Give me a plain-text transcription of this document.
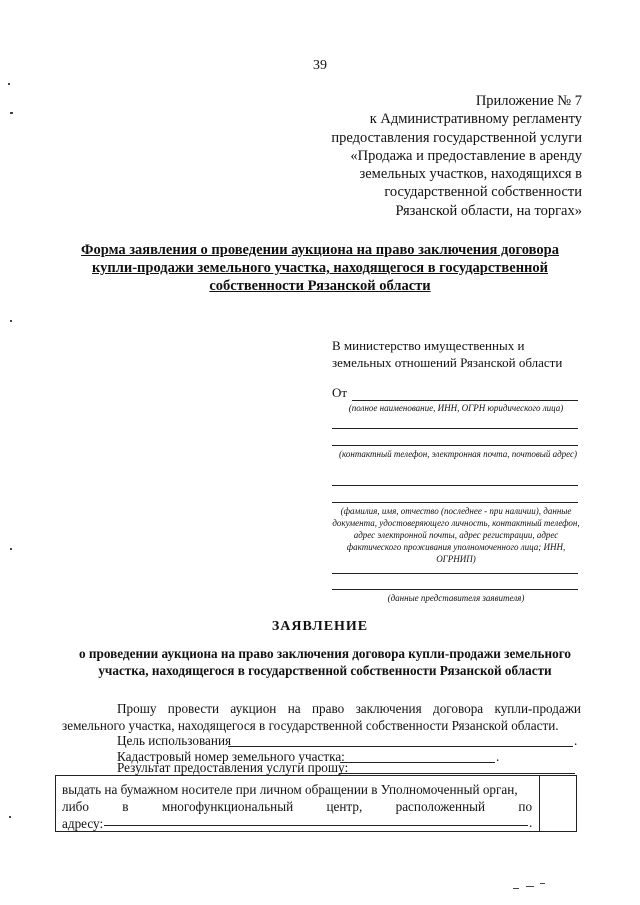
39
Приложение № 7
к Административному регламенту
предоставления государственной услуги
«Продажа и предоставление в аренду
земельных участков, находящихся в
государственной собственности
Рязанской области, на торгах»
Форма заявления о проведении аукциона на право заключения договора купли-продажи земельного участка, находящегося в государственной собственности Рязанской области
В министерство имущественных и
земельных отношений Рязанской области
От
(полное наименование, ИНН, ОГРН юридического лица)
(контактный телефон, электронная почта, почтовый адрес)
(фамилия, имя, отчество (последнее - при наличии), данные документа, удостоверяющего личность, контактный телефон, адрес электронной почты, адрес регистрации, адрес фактического проживания уполномоченного лица; ИНН, ОГРНИП)
(данные представителя заявителя)
ЗАЯВЛЕНИЕ
о проведении аукциона на право заключения договора купли-продажи земельного участка, находящегося в государственной собственности Рязанской области
Прошу провести аукцион на право заключения договора купли-продажи земельного участка, находящегося в государственной собственности Рязанской области.
Цель использования	.
Кадастровый номер земельного участка:	.
Результат предоставления услуги прошу:
выдать на бумажном носителе при личном обращении в Уполномоченный орган,
либо	в	многофункциональный	центр,	расположенный	по
адресу:	.
